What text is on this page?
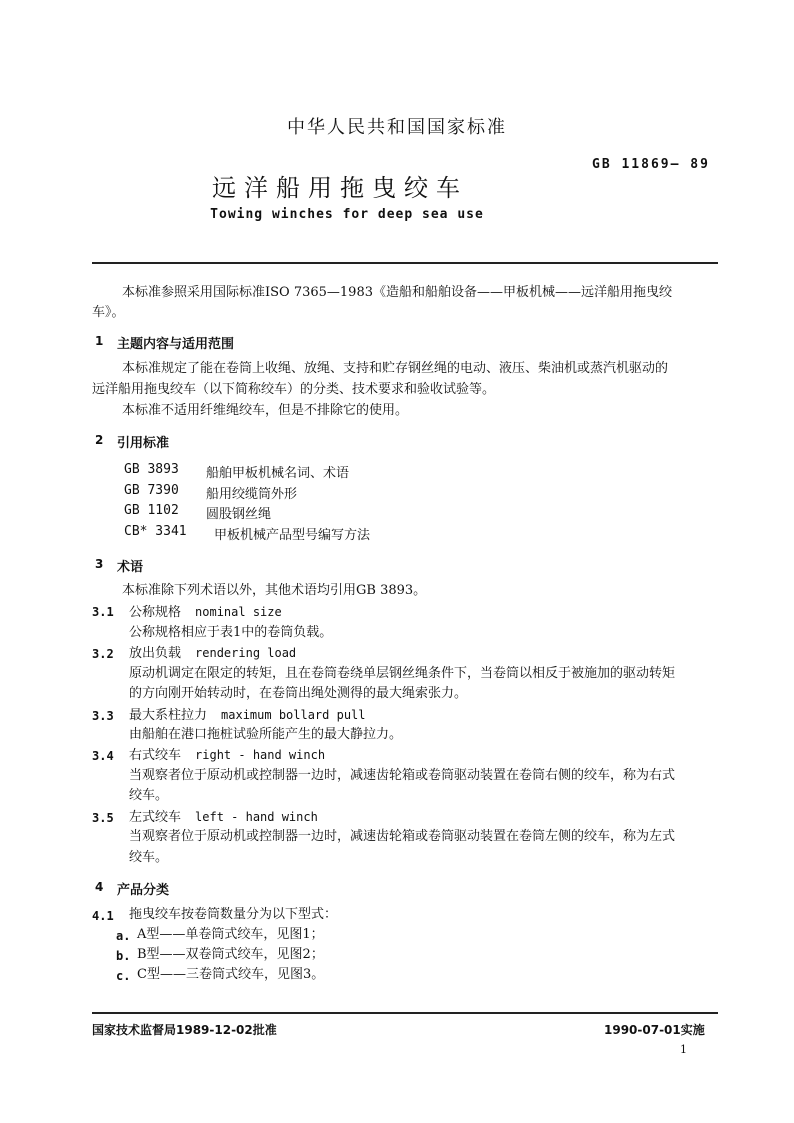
中华人民共和国国家标准
远洋船用拖曳绞车
GB 11869— 89
Towing winches for deep sea use
本标准参照采用国际标准ISO 7365—1983《造船和船舶设备——甲板机械——远洋船用拖曳绞
车》。
1 主题内容与适用范围
本标准规定了能在卷筒上收绳、放绳、支持和贮存钢丝绳的电动、液压、柴油机或蒸汽机驱动的
远洋船用拖曳绞车（以下简称绞车）的分类、技术要求和验收试验等。
本标准不适用纤维绳绞车，但是不排除它的使用。
2 引用标准
GB 3893 船舶甲板机械名词、术语
GB 7390 船用绞缆筒外形
GB 1102 圆股钢丝绳
CB* 3341 甲板机械产品型号编写方法
3 术语
本标准除下列术语以外，其他术语均引用GB 3893。
3.1 公称规格 nominal size
公称规格相应于表1中的卷筒负载。
3.2 放出负载 rendering load
原动机调定在限定的转矩，且在卷筒卷绕单层钢丝绳条件下，当卷筒以相反于被施加的驱动转矩
的方向刚开始转动时，在卷筒出绳处测得的最大绳索张力。
3.3 最大系柱拉力 maximum bollard pull
由船舶在港口拖桩试验所能产生的最大静拉力。
3.4 右式绞车 right - hand winch
当观察者位于原动机或控制器一边时，减速齿轮箱或卷筒驱动装置在卷筒右侧的绞车，称为右式
绞车。
3.5 左式绞车 left - hand winch
当观察者位于原动机或控制器一边时，减速齿轮箱或卷筒驱动装置在卷筒左侧的绞车，称为左式
绞车。
4 产品分类
4.1 拖曳绞车按卷筒数量分为以下型式：
a. A型——单卷筒式绞车，见图1；
b. B型——双卷筒式绞车，见图2；
c. C型——三卷筒式绞车，见图3。
国家技术监督局1989-12-02批准	1990-07-01实施
1
